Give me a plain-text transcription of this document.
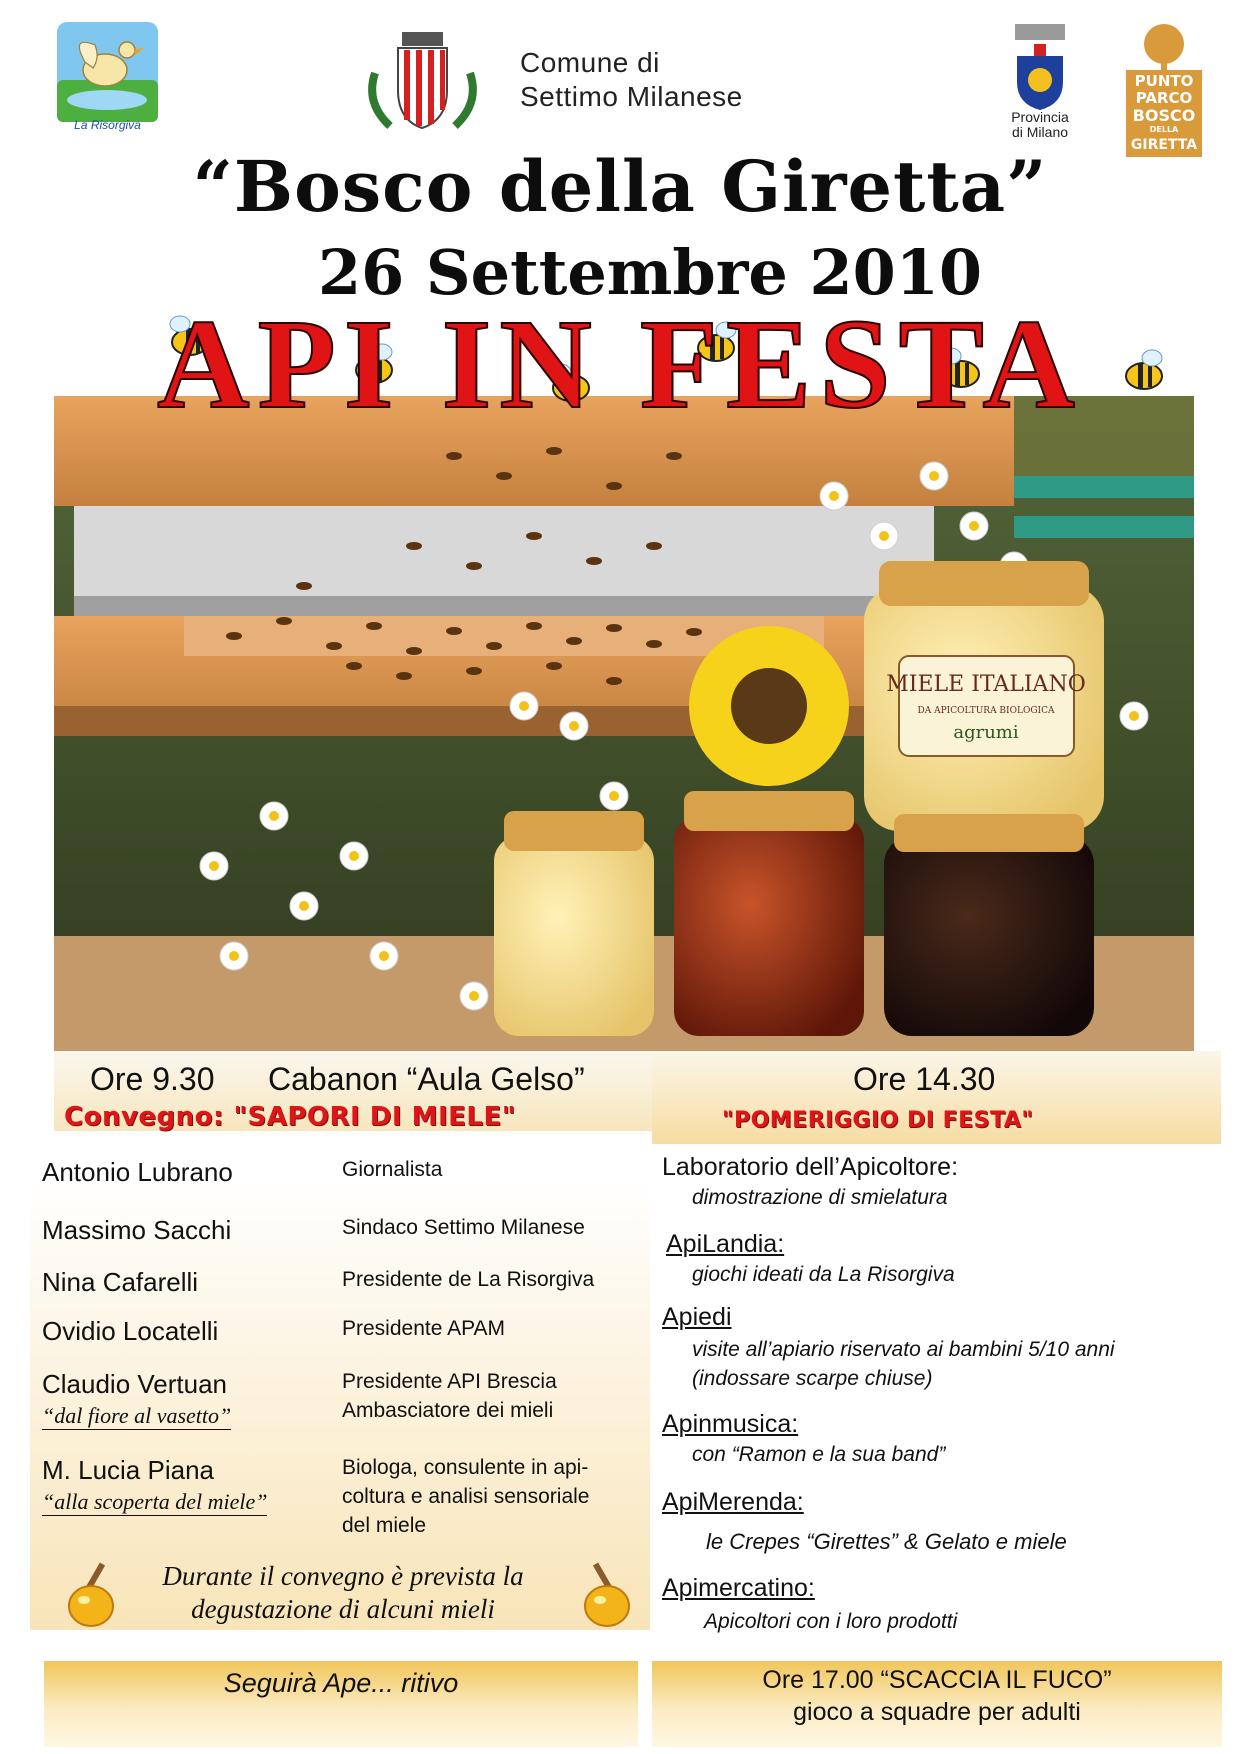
La Risorgiva
Comune di
Settimo Milanese
Provincia
di Milano
PUNTO
PARCO
BOSCO
DELLA
GIRETTA
“Bosco della Giretta”
26 Settembre 2010
MIELE ITALIANO
DA APICOLTURA BIOLOGICA
agrumi
API IN FESTA
Ore 9.30 Cabanon “Aula Gelso”	Ore 14.30
Convegno: "SAPORI DI MIELE"	"POMERIGGIO DI FESTA"
Antonio Lubrano	Giornalista
Massimo Sacchi	Sindaco Settimo Milanese
Nina Cafarelli	Presidente de La Risorgiva
Ovidio Locatelli	Presidente APAM
Claudio Vertuan	Presidente API Brescia
Ambasciatore dei mieli
“dal fiore al vasetto”
M. Lucia Piana	Biologa, consulente in api-
coltura e analisi sensoriale
del miele
“alla scoperta del miele”
Durante il convegno è prevista la degustazione di alcuni mieli
Laboratorio dell’Apicoltore:
dimostrazione di smielatura
ApiLandia:
giochi ideati da La Risorgiva
Apiedi
visite all’apiario riservato ai bambini 5/10 anni
(indossare scarpe chiuse)
Apinmusica:
con “Ramon e la sua band”
ApiMerenda:
le Crepes “Girettes” & Gelato e miele
Apimercatino:
Apicoltori con i loro prodotti
Seguirà Ape... ritivo	Ore 17.00 “SCACCIA IL FUCO”
gioco a squadre per adulti
